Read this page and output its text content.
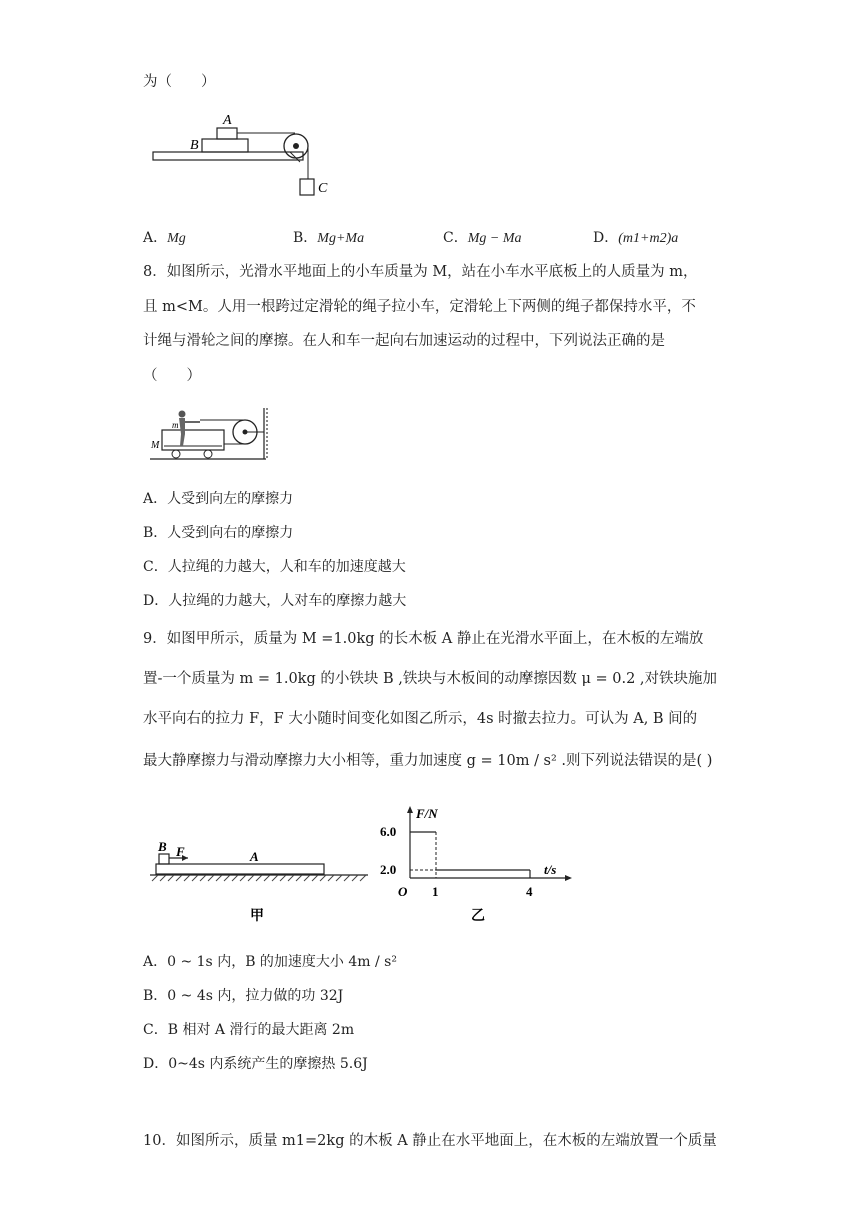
为（　　）
A
B
C
A．Mg	B．Mg+Ma	C．Mg − Ma	D．(m1+m2)a
8．如图所示，光滑水平地面上的小车质量为 M，站在小车水平底板上的人质量为 m，
且 m<M。人用一根跨过定滑轮的绳子拉小车，定滑轮上下两侧的绳子都保持水平，不
计绳与滑轮之间的摩擦。在人和车一起向右加速运动的过程中，下列说法正确的是
（　　）
m
M
A．人受到向左的摩擦力
B．人受到向右的摩擦力
C．人拉绳的力越大，人和车的加速度越大
D．人拉绳的力越大，人对车的摩擦力越大
9．如图甲所示，质量为 M =1.0kg 的长木板 A 静止在光滑水平面上，在木板的左端放
置-一个质量为 m = 1.0kg 的小铁块 B ,铁块与木板间的动摩擦因数 μ = 0.2 ,对铁块施加
水平向右的拉力 F，F 大小随时间变化如图乙所示，4s 时撤去拉力。可认为 A, B 间的
最大静摩擦力与滑动摩擦力大小相等，重力加速度 g = 10m / s² .则下列说法错误的是( )
B F	A
甲
F/N
t/s
6.0
2.0
O 1	4
乙
A．0 ~ 1s 内，B 的加速度大小 4m / s²
B．0 ~ 4s 内，拉力做的功 32J
C．B 相对 A 滑行的最大距离 2m
D．0~4s 内系统产生的摩擦热 5.6J
10．如图所示，质量 m1=2kg 的木板 A 静止在水平地面上，在木板的左端放置一个质量
